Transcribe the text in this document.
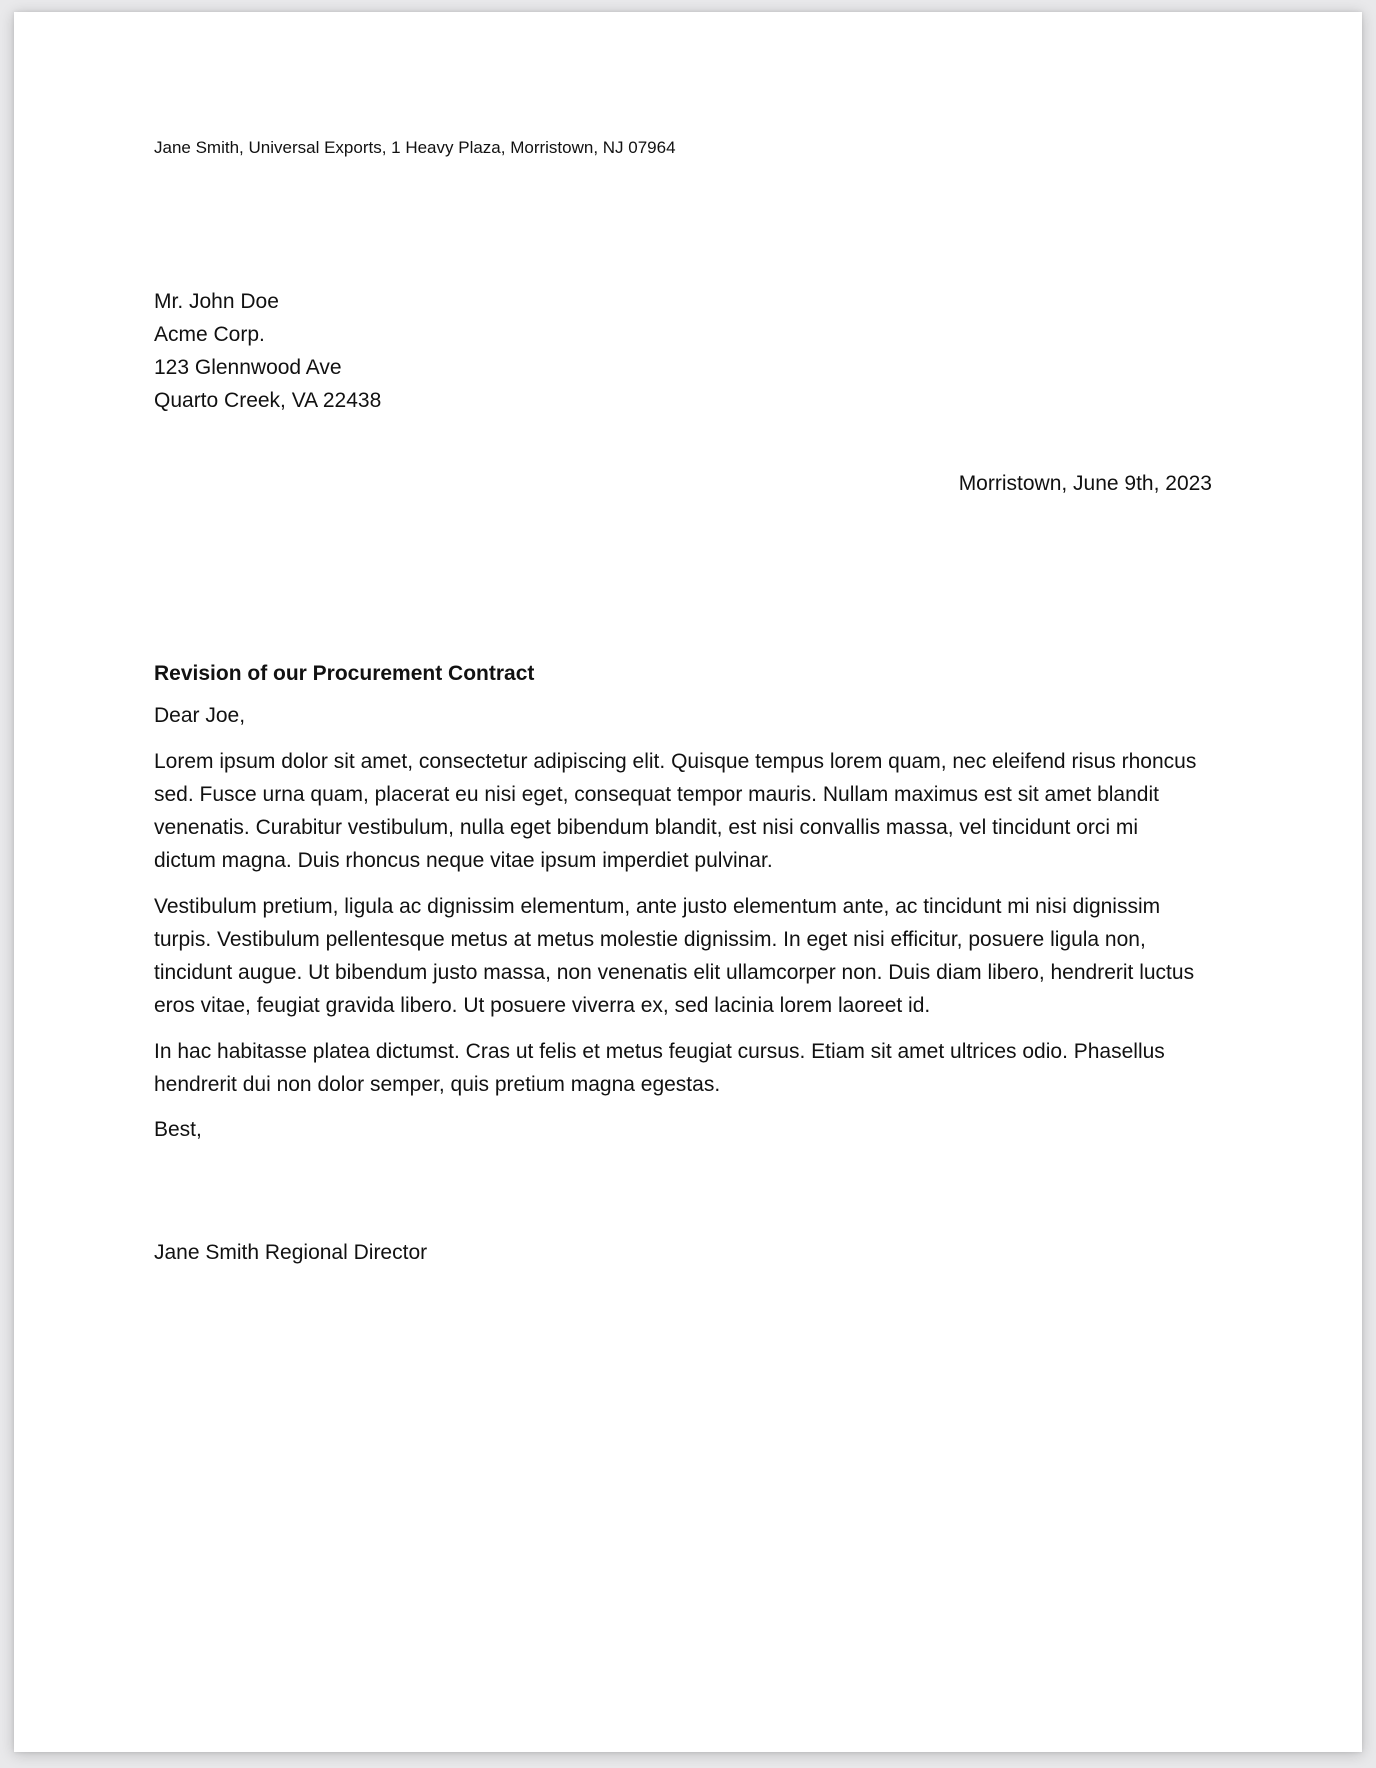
Jane Smith, Universal Exports, 1 Heavy Plaza, Morristown, NJ 07964
Mr. John Doe
Acme Corp.
123 Glennwood Ave
Quarto Creek, VA 22438
Morristown, June 9th, 2023
Revision of our Procurement Contract
Dear Joe,
Lorem ipsum dolor sit amet, consectetur adipiscing elit. Quisque tempus lorem quam, nec eleifend risus rhoncus sed. Fusce urna quam, placerat eu nisi eget, consequat tempor mauris. Nullam maximus est sit amet blandit venenatis. Curabitur vestibulum, nulla eget bibendum blandit, est nisi convallis massa, vel tincidunt orci mi dictum magna. Duis rhoncus neque vitae ipsum imperdiet pulvinar.
Vestibulum pretium, ligula ac dignissim elementum, ante justo elementum ante, ac tincidunt mi nisi dignissim turpis. Vestibulum pellentesque metus at metus molestie dignissim. In eget nisi efficitur, posuere ligula non, tincidunt augue. Ut bibendum justo massa, non venenatis elit ullamcorper non. Duis diam libero, hendrerit luctus eros vitae, feugiat gravida libero. Ut posuere viverra ex, sed lacinia lorem laoreet id.
In hac habitasse platea dictumst. Cras ut felis et metus feugiat cursus. Etiam sit amet ultrices odio. Phasellus hendrerit dui non dolor semper, quis pretium magna egestas.
Best,
Jane Smith Regional Director
